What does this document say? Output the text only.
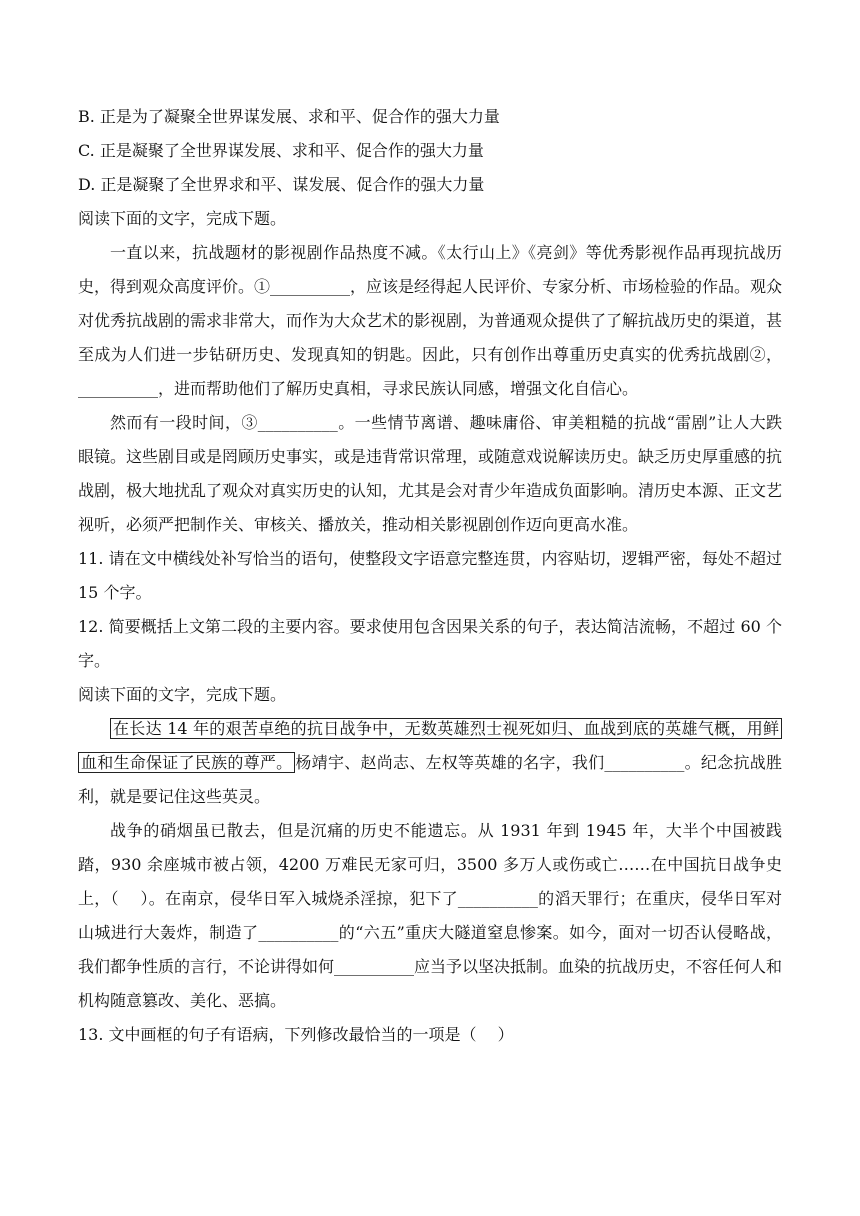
B. 正是为了凝聚全世界谋发展、求和平、促合作的强大力量
C. 正是凝聚了全世界谋发展、求和平、促合作的强大力量
D. 正是凝聚了全世界求和平、谋发展、促合作的强大力量
阅读下面的文字，完成下题。
一直以来，抗战题材的影视剧作品热度不减。《太行山上》《亮剑》等优秀影视作品再现抗战历史，得到观众高度评价。①__________，应该是经得起人民评价、专家分析、市场检验的作品。观众对优秀抗战剧的需求非常大，而作为大众艺术的影视剧，为普通观众提供了了解抗战历史的渠道，甚至成为人们进一步钻研历史、发现真知的钥匙。因此，只有创作出尊重历史真实的优秀抗战剧②，__________，进而帮助他们了解历史真相，寻求民族认同感，增强文化自信心。
然而有一段时间，③__________。一些情节离谱、趣味庸俗、审美粗糙的抗战“雷剧”让人大跌眼镜。这些剧目或是罔顾历史事实，或是违背常识常理，或随意戏说解读历史。缺乏历史厚重感的抗战剧，极大地扰乱了观众对真实历史的认知，尤其是会对青少年造成负面影响。清历史本源、正文艺视听，必须严把制作关、审核关、播放关，推动相关影视剧创作迈向更高水准。
11. 请在文中横线处补写恰当的语句，使整段文字语意完整连贯，内容贴切，逻辑严密，每处不超过 15 个字。
12. 简要概括上文第二段的主要内容。要求使用包含因果关系的句子，表达简洁流畅，不超过 60 个字。
阅读下面的文字，完成下题。
在长达 14 年的艰苦卓绝的抗日战争中，无数英雄烈士视死如归、血战到底的英雄气概，用鲜血和生命保证了民族的尊严。 杨靖宇、赵尚志、左权等英雄的名字，我们__________。纪念抗战胜利，就是要记住这些英灵。
战争的硝烟虽已散去，但是沉痛的历史不能遗忘。从 1931 年到 1945 年，大半个中国被践踏，930 余座城市被占领，4200 万难民无家可归，3500 多万人或伤或亡……在中国抗日战争史上，（　 ）。在南京，侵华日军入城烧杀淫掠，犯下了__________的滔天罪行；在重庆，侵华日军对山城进行大轰炸，制造了__________的“六五”重庆大隧道窒息惨案。如今，面对一切否认侵略战，我们都争性质的言行，不论讲得如何__________应当予以坚决抵制。血染的抗战历史，不容任何人和机构随意篡改、美化、恶搞。
13. 文中画框的句子有语病，下列修改最恰当的一项是（　 ）
